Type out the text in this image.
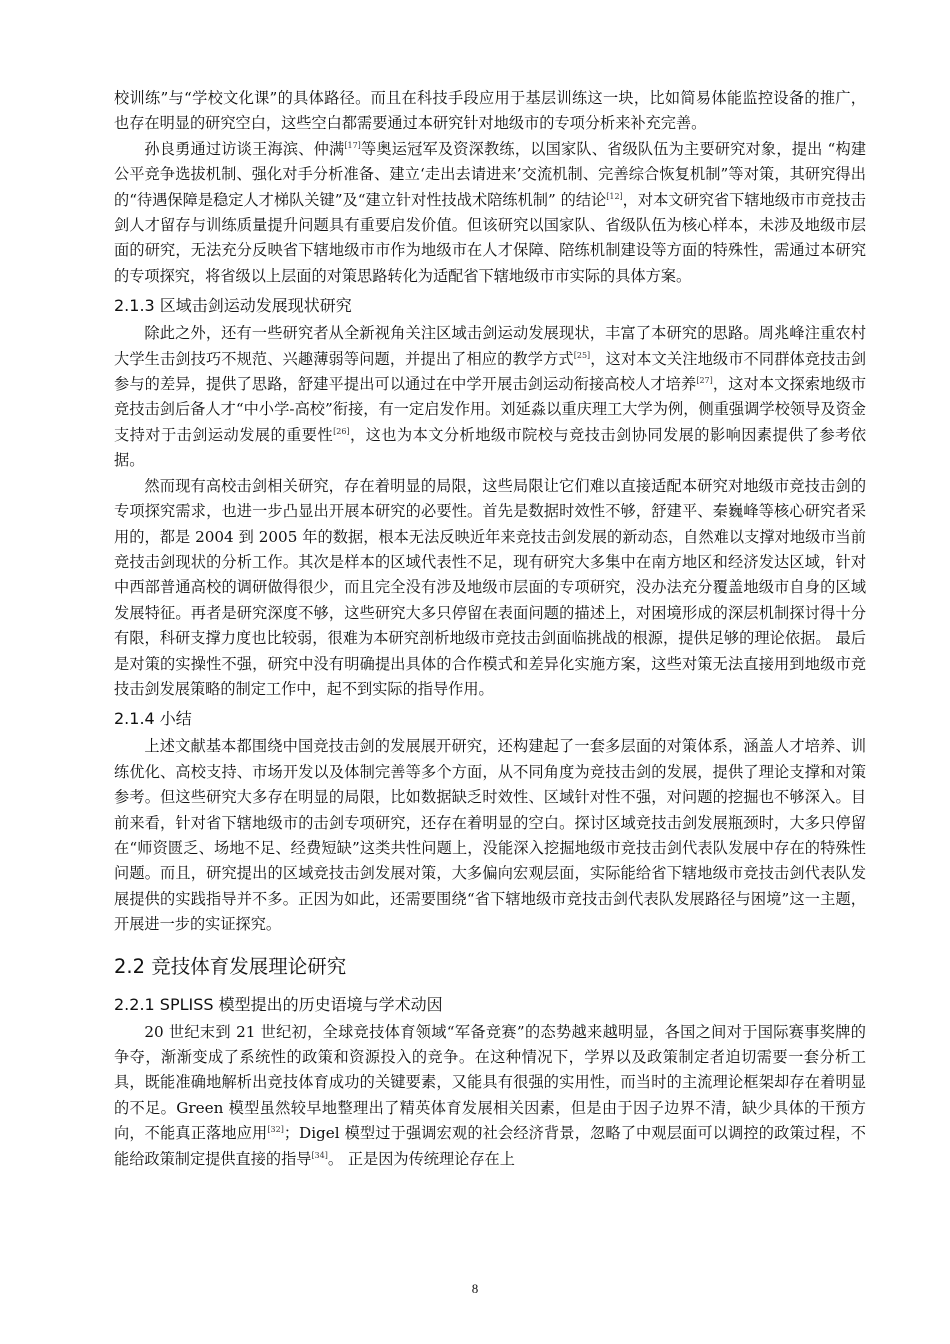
校训练”与“学校文化课”的具体路径。而且在科技手段应用于基层训练这一块，比如简易体能监控设备的推广，也存在明显的研究空白，这些空白都需要通过本研究针对地级市的专项分析来补充完善。

孙良勇通过访谈王海滨、仲满[17]等奥运冠军及资深教练，以国家队、省级队伍为主要研究对象，提出 “构建公平竞争选拔机制、强化对手分析准备、建立‘走出去请进来’交流机制、完善综合恢复机制”等对策，其研究得出的“待遇保障是稳定人才梯队关键”及“建立针对性技战术陪练机制” 的结论[12]，对本文研究省下辖地级市市竞技击剑人才留存与训练质量提升问题具有重要启发价值。但该研究以国家队、省级队伍为核心样本，未涉及地级市层面的研究，无法充分反映省下辖地级市市作为地级市在人才保障、陪练机制建设等方面的特殊性，需通过本研究的专项探究，将省级以上层面的对策思路转化为适配省下辖地级市市实际的具体方案。

2.1.3 区域击剑运动发展现状研究

除此之外，还有一些研究者从全新视角关注区域击剑运动发展现状，丰富了本研究的思路。周兆峰注重农村大学生击剑技巧不规范、兴趣薄弱等问题，并提出了相应的教学方式[25]，这对本文关注地级市不同群体竞技击剑参与的差异，提供了思路，舒建平提出可以通过在中学开展击剑运动衔接高校人才培养[27]，这对本文探索地级市竞技击剑后备人才“中小学-高校”衔接，有一定启发作用。刘延淼以重庆理工大学为例，侧重强调学校领导及资金支持对于击剑运动发展的重要性[26]，这也为本文分析地级市院校与竞技击剑协同发展的影响因素提供了参考依据。

然而现有高校击剑相关研究，存在着明显的局限，这些局限让它们难以直接适配本研究对地级市竞技击剑的专项探究需求，也进一步凸显出开展本研究的必要性。首先是数据时效性不够，舒建平、秦巍峰等核心研究者采用的，都是 2004 到 2005 年的数据，根本无法反映近年来竞技击剑发展的新动态，自然难以支撑对地级市当前竞技击剑现状的分析工作。其次是样本的区域代表性不足，现有研究大多集中在南方地区和经济发达区域，针对中西部普通高校的调研做得很少，而且完全没有涉及地级市层面的专项研究，没办法充分覆盖地级市自身的区域发展特征。再者是研究深度不够，这些研究大多只停留在表面问题的描述上，对困境形成的深层机制探讨得十分有限，科研支撑力度也比较弱，很难为本研究剖析地级市竞技击剑面临挑战的根源，提供足够的理论依据。 最后是对策的实操性不强，研究中没有明确提出具体的合作模式和差异化实施方案，这些对策无法直接用到地级市竞技击剑发展策略的制定工作中，起不到实际的指导作用。

2.1.4 小结

上述文献基本都围绕中国竞技击剑的发展展开研究，还构建起了一套多层面的对策体系，涵盖人才培养、训练优化、高校支持、市场开发以及体制完善等多个方面，从不同角度为竞技击剑的发展，提供了理论支撑和对策参考。但这些研究大多存在明显的局限，比如数据缺乏时效性、区域针对性不强，对问题的挖掘也不够深入。目前来看，针对省下辖地级市的击剑专项研究，还存在着明显的空白。探讨区域竞技击剑发展瓶颈时，大多只停留在“师资匮乏、场地不足、经费短缺”这类共性问题上，没能深入挖掘地级市竞技击剑代表队发展中存在的特殊性问题。而且，研究提出的区域竞技击剑发展对策，大多偏向宏观层面，实际能给省下辖地级市竞技击剑代表队发展提供的实践指导并不多。正因为如此，还需要围绕“省下辖地级市竞技击剑代表队发展路径与困境”这一主题，开展进一步的实证探究。

2.2 竞技体育发展理论研究
2.2.1 SPLISS 模型提出的历史语境与学术动因

20 世纪末到 21 世纪初，全球竞技体育领域“军备竞赛”的态势越来越明显，各国之间对于国际赛事奖牌的争夺，渐渐变成了系统性的政策和资源投入的竞争。在这种情况下，学界以及政策制定者迫切需要一套分析工具，既能准确地解析出竞技体育成功的关键要素，又能具有很强的实用性，而当时的主流理论框架却存在着明显的不足。Green 模型虽然较早地整理出了精英体育发展相关因素，但是由于因子边界不清，缺少具体的干预方向，不能真正落地应用[32]；Digel 模型过于强调宏观的社会经济背景，忽略了中观层面可以调控的政策过程，不能给政策制定提供直接的指导[34]。 正是因为传统理论存在上

8
